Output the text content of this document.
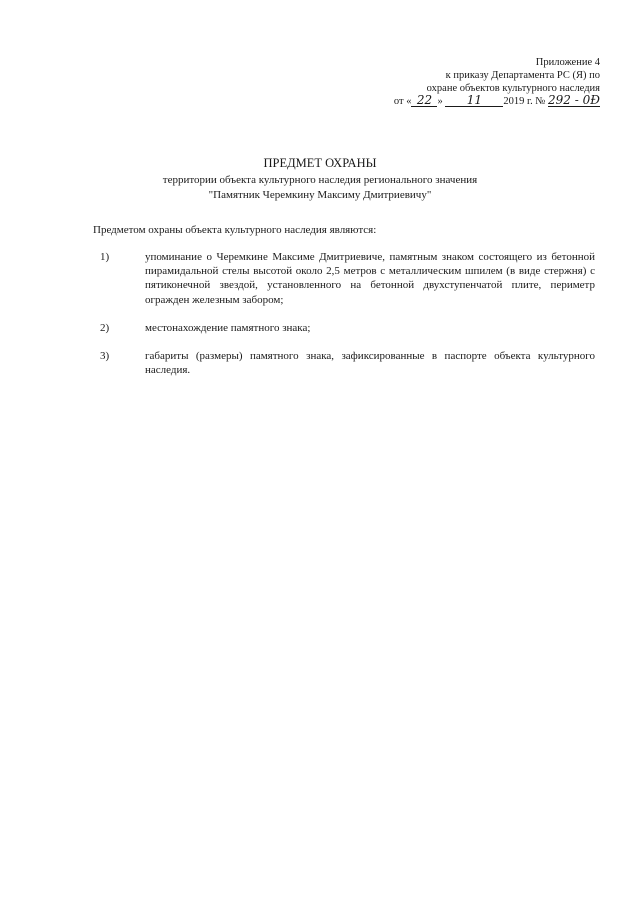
Приложение 4
к приказу Департамента РС (Я) по
охране объектов культурного наследия
от « 22 » 11 2019 г. № 292 - 0Ð
ПРЕДМЕТ ОХРАНЫ
территории объекта культурного наследия регионального значения
"Памятник Черемкину Максиму Дмитриевичу"
Предметом охраны объекта культурного наследия являются:
1)	упоминание о Черемкине Максиме Дмитриевиче, памятным знаком состоящего из бетонной пирамидальной стелы высотой около 2,5 метров с металлическим шпилем (в виде стержня) с пятиконечной звездой, установленного на бетонной двухступенчатой плите, периметр огражден железным забором;
2)	местонахождение памятного знака;
3)	габариты (размеры) памятного знака, зафиксированные в паспорте объекта культурного наследия.
